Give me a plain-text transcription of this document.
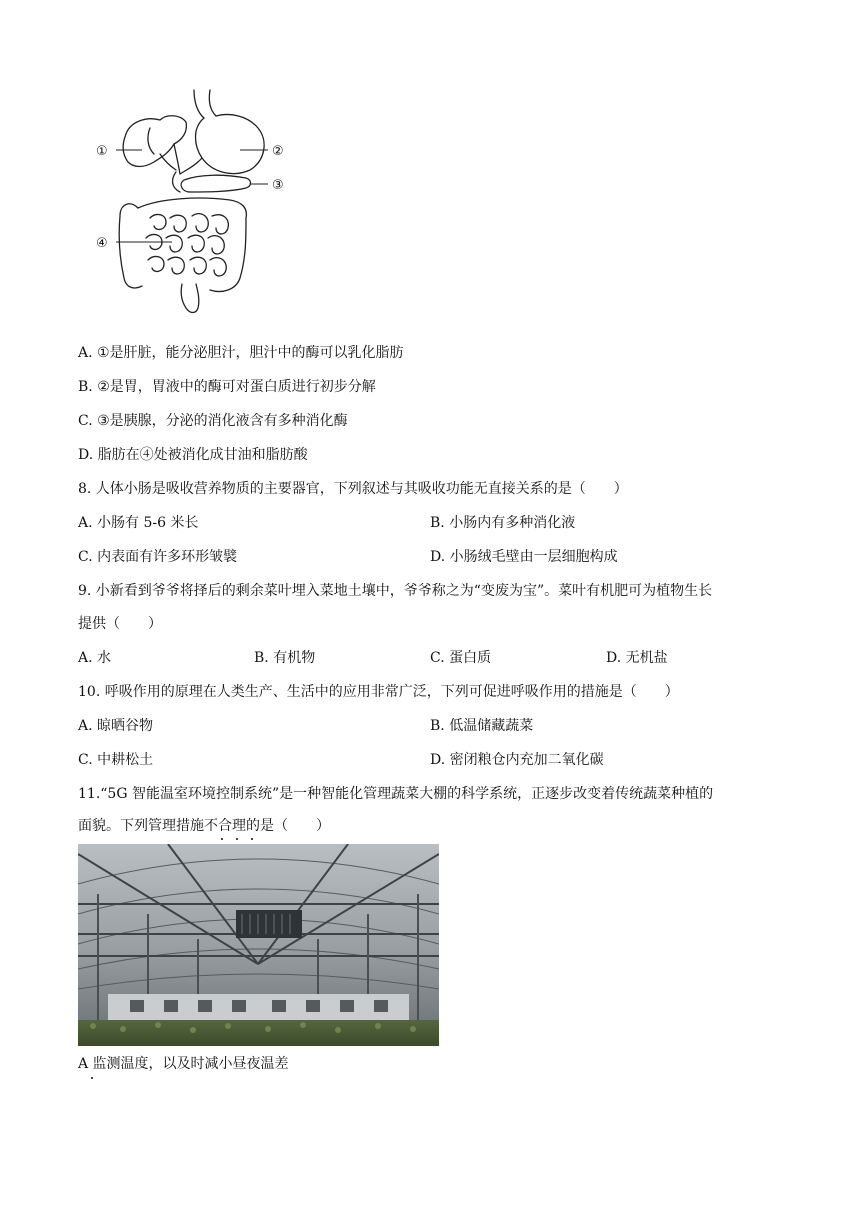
①	②
③
④
A. ①是肝脏，能分泌胆汁，胆汁中的酶可以乳化脂肪
B. ②是胃，胃液中的酶可对蛋白质进行初步分解
C. ③是胰腺，分泌的消化液含有多种消化酶
D. 脂肪在④处被消化成甘油和脂肪酸
8. 人体小肠是吸收营养物质的主要器官，下列叙述与其吸收功能无直接关系的是（　　）
A. 小肠有 5-6 米长	B. 小肠内有多种消化液
C. 内表面有许多环形皱襞	D. 小肠绒毛壁由一层细胞构成
9. 小新看到爷爷将择后的剩余菜叶埋入菜地土壤中，爷爷称之为“变废为宝”。菜叶有机肥可为植物生长
提供（　　）
A. 水	B. 有机物	C. 蛋白质	D. 无机盐
10. 呼吸作用的原理在人类生产、生活中的应用非常广泛，下列可促进呼吸作用的措施是（　　）
A. 晾晒谷物	B. 低温储藏蔬菜
C. 中耕松土	D. 密闭粮仓内充加二氧化碳
11.“5G 智能温室环境控制系统”是一种智能化管理蔬菜大棚的科学系统，正逐步改变着传统蔬菜种植的
面貌。下列管理措施不合理的是（　　）
A 监测温度，以及时减小昼夜温差
